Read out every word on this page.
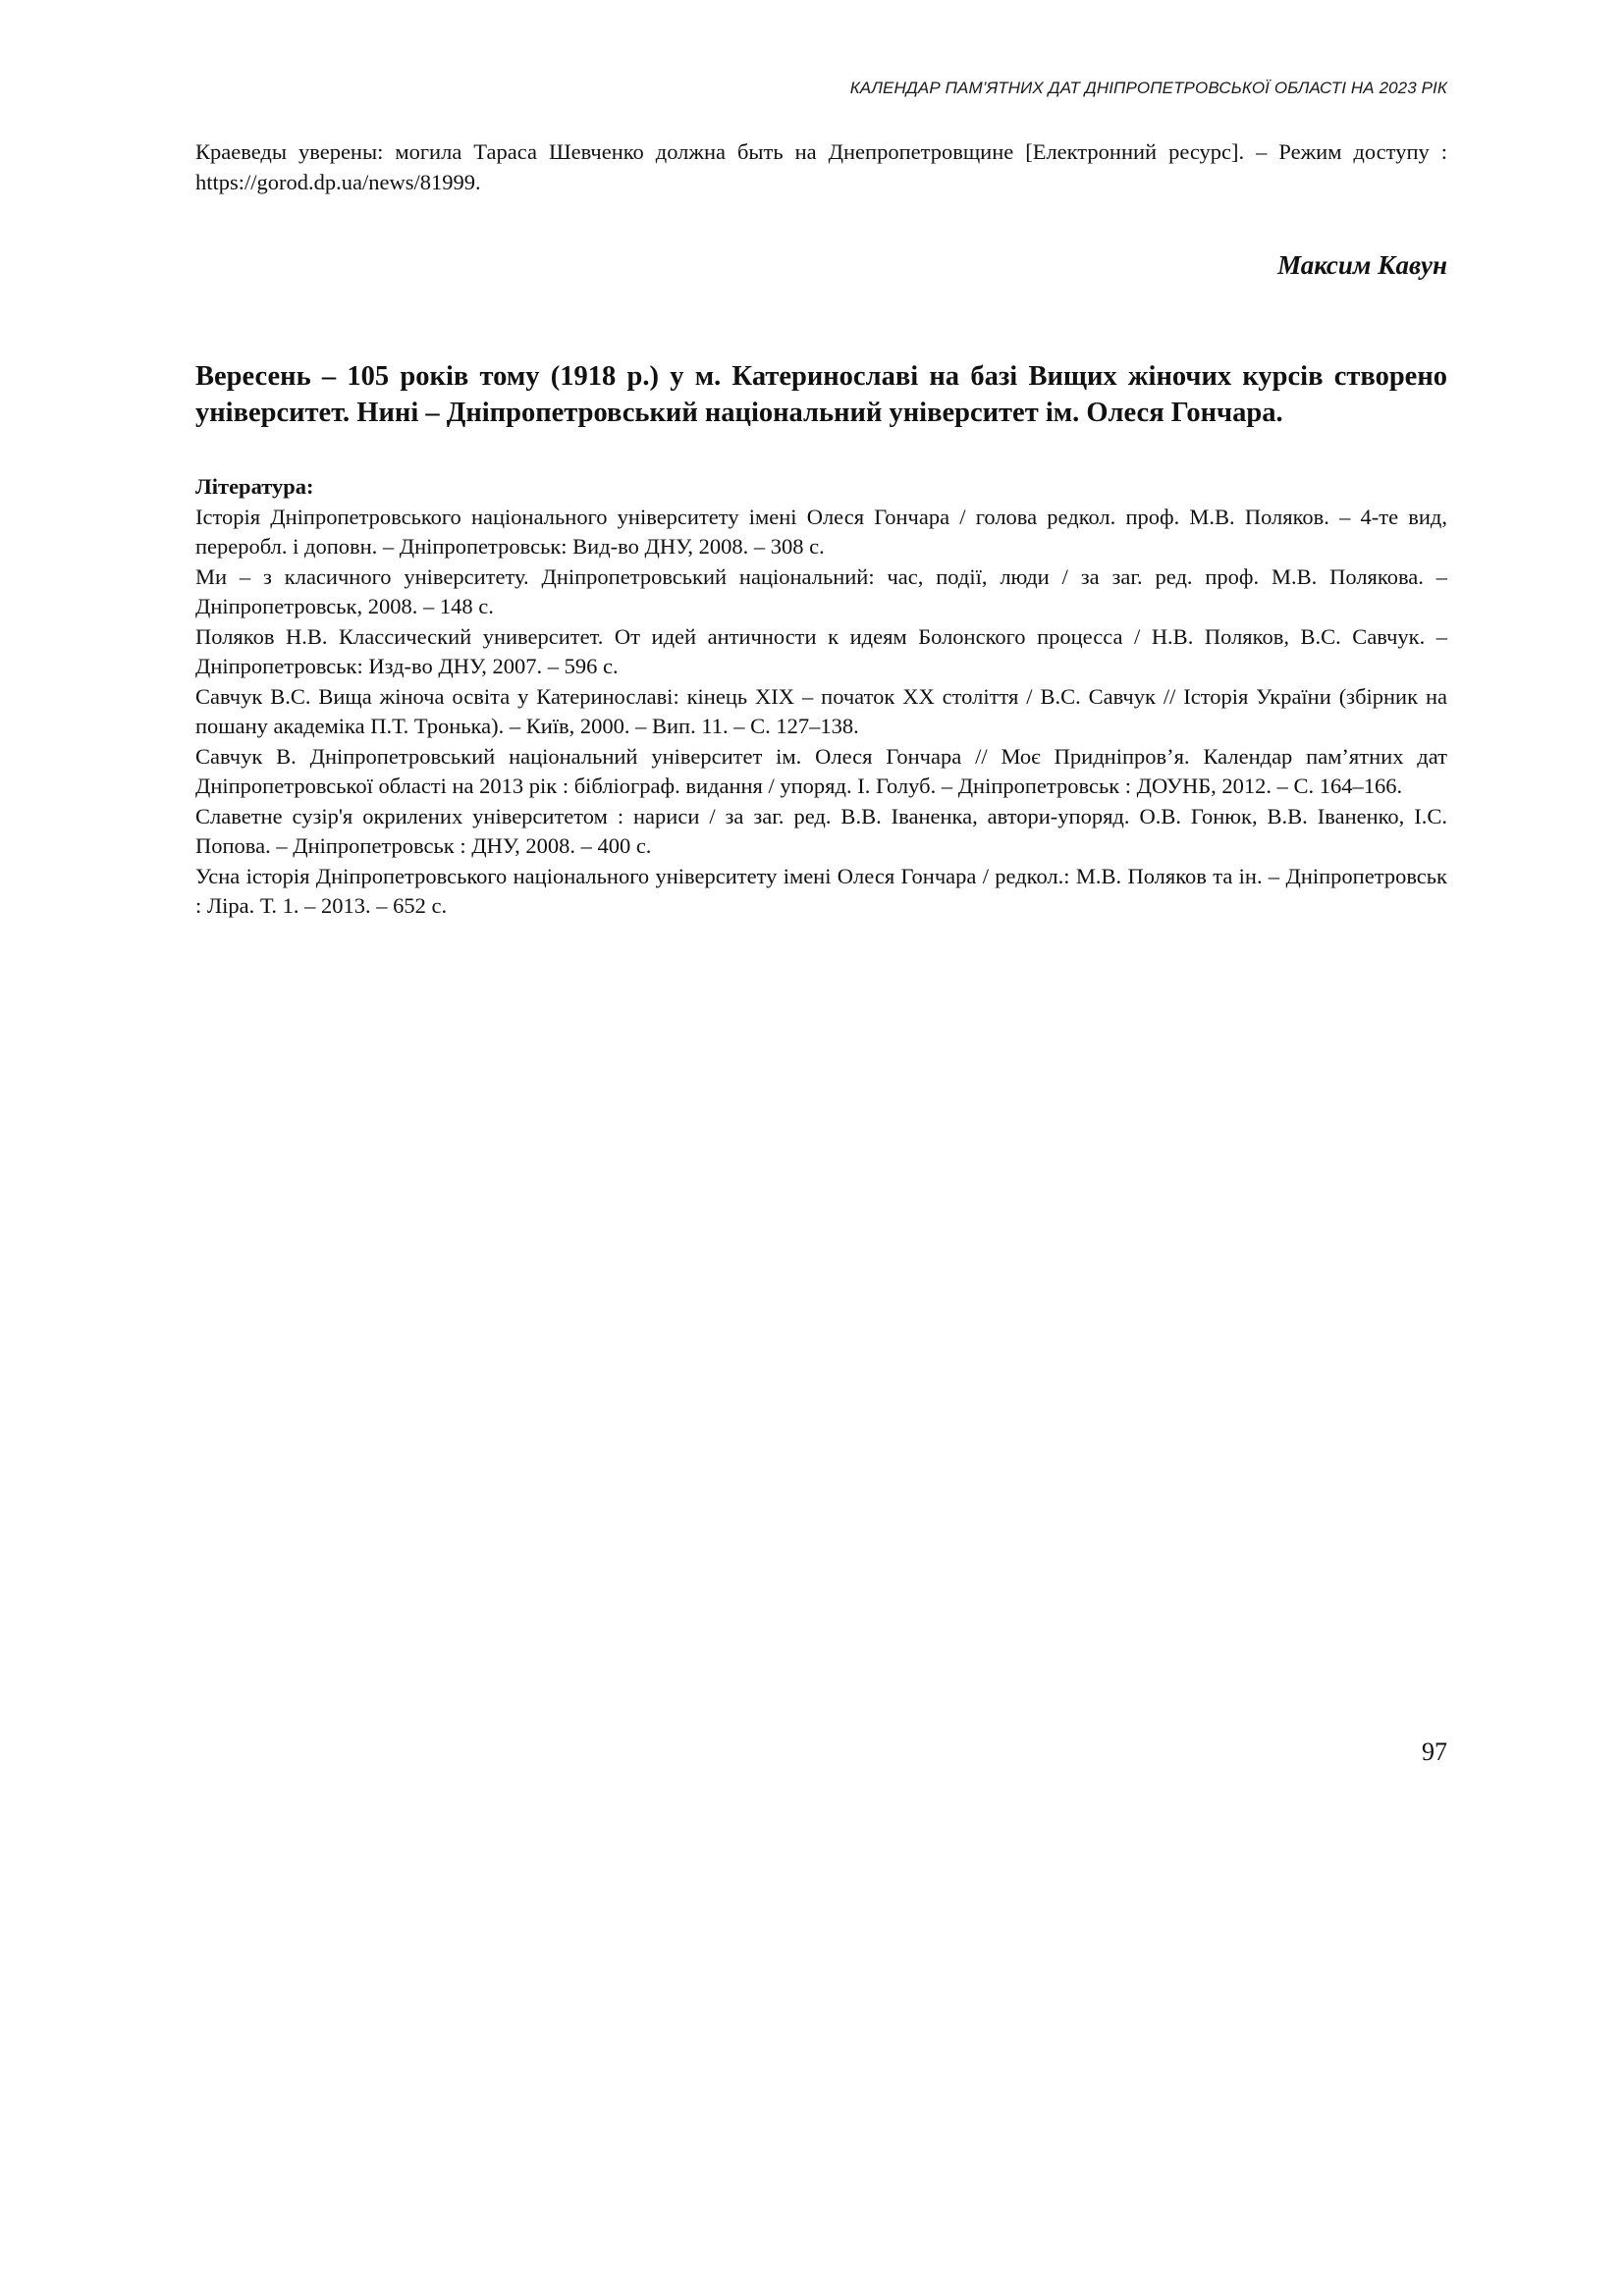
КАЛЕНДАР ПАМ’ЯТНИХ ДАТ ДНІПРОПЕТРОВСЬКОЇ ОБЛАСТІ НА 2023 РІК

Краеведы уверены: могила Тараса Шевченко должна быть на Днепропетровщине [Електронний ресурс]. – Режим доступу : https://gorod.dp.ua/news/81999.

Максим Кавун

Вересень – 105 років тому (1918 р.) у м. Катеринославі на базі Вищих жіночих курсів створено університет. Нині – Дніпропетровський національний університет ім. Олеся Гончара.
Література:
Історія Дніпропетровського національного університету імені Олеся Гончара / голова редкол. проф. М.В. Поляков. – 4-те вид, переробл. і доповн. – Дніпропетровськ: Вид-во ДНУ, 2008. – 308 с.
Ми – з класичного університету. Дніпропетровський національний: час, події, люди / за заг. ред. проф. М.В. Полякова. – Дніпропетровськ, 2008. – 148 с.
Поляков Н.В. Классический университет. От идей античности к идеям Болонского процесса / Н.В. Поляков, В.С. Савчук. – Дніпропетровськ: Изд-во ДНУ, 2007. – 596 с.
Савчук В.С. Вища жіноча освіта у Катеринославі: кінець ХІХ – початок ХХ століття / В.С. Савчук // Історія України (збірник на пошану академіка П.Т. Тронька). – Київ, 2000. – Вип. 11. – С. 127–138.
Савчук В. Дніпропетровський національний університет ім. Олеся Гончара // Моє Придніпров’я. Календар пам’ятних дат Дніпропетровської області на 2013 рік : бібліограф. видання / упоряд. І. Голуб. – Дніпропетровськ : ДОУНБ, 2012. – С. 164–166.
Славетне сузір'я окрилених університетом : нариси / за заг. ред. В.В. Іваненка, автори-упоряд. О.В. Гонюк, В.В. Іваненко, І.С. Попова. – Дніпропетровськ : ДНУ, 2008. – 400 с.
Усна історія Дніпропетровського національного університету імені Олеся Гончара / редкол.: М.В. Поляков та ін. – Дніпропетровськ : Ліра. Т. 1. – 2013. – 652 с.
97
